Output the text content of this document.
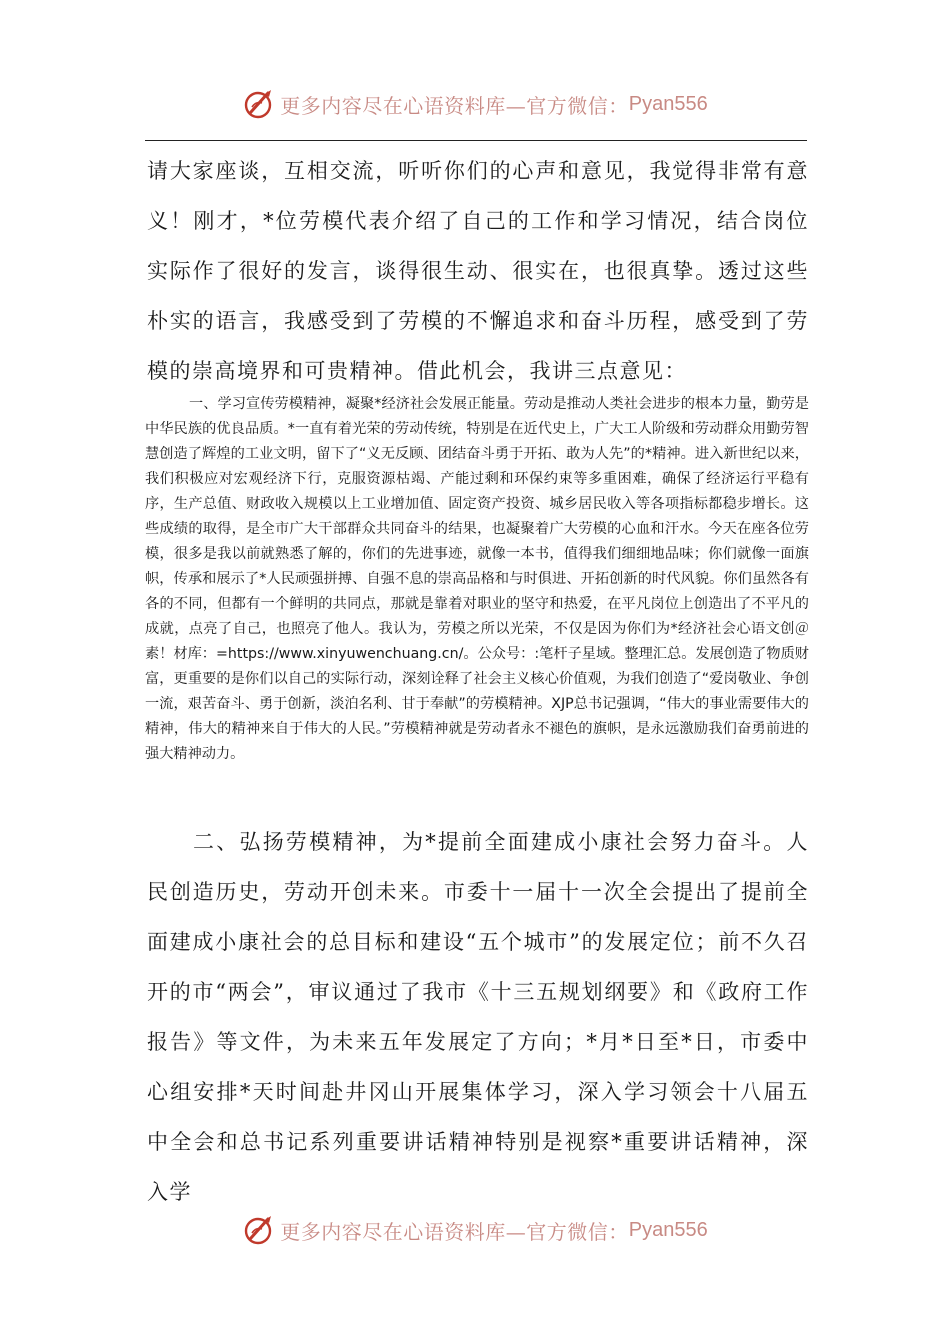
更多内容尽在心语资料库—官方微信： Pyan556

请大家座谈，互相交流，听听你们的心声和意见，我觉得非常有意义！刚才，*位劳模代表介绍了自己的工作和学习情况，结合岗位实际作了很好的发言，谈得很生动、很实在，也很真挚。透过这些朴实的语言，我感受到了劳模的不懈追求和奋斗历程，感受到了劳模的崇高境界和可贵精神。借此机会，我讲三点意见：

一、学习宣传劳模精神，凝聚*经济社会发展正能量。劳动是推动人类社会进步的根本力量，勤劳是中华民族的优良品质。*一直有着光荣的劳动传统，特别是在近代史上，广大工人阶级和劳动群众用勤劳智慧创造了辉煌的工业文明，留下了“义无反顾、团结奋斗勇于开拓、敢为人先”的*精神。进入新世纪以来，我们积极应对宏观经济下行，克服资源枯竭、产能过剩和环保约束等多重困难，确保了经济运行平稳有序，生产总值、财政收入规模以上工业增加值、固定资产投资、城乡居民收入等各项指标都稳步增长。这些成绩的取得，是全市广大干部群众共同奋斗的结果，也凝聚着广大劳模的心血和汗水。今天在座各位劳模，很多是我以前就熟悉了解的，你们的先进事迹，就像一本书，值得我们细细地品味；你们就像一面旗帜，传承和展示了*人民顽强拼搏、自强不息的崇高品格和与时俱进、开拓创新的时代风貌。你们虽然各有各的不同，但都有一个鲜明的共同点，那就是靠着对职业的坚守和热爱，在平凡岗位上创造出了不平凡的成就，点亮了自己，也照亮了他人。我认为，劳模之所以光荣，不仅是因为你们为*经济社会心语文创＠素！材库：=https://www.xinyuwenchuang.cn/。公众号：:笔杆子星域。整理汇总。发展创造了物质财富，更重要的是你们以自己的实际行动，深刻诠释了社会主义核心价值观，为我们创造了“爱岗敬业、争创一流，艰苦奋斗、勇于创新，淡泊名利、甘于奉献”的劳模精神。XJP总书记强调，“伟大的事业需要伟大的精神，伟大的精神来自于伟大的人民。”劳模精神就是劳动者永不褪色的旗帜，是永远激励我们奋勇前进的强大精神动力。

二、弘扬劳模精神，为*提前全面建成小康社会努力奋斗。人民创造历史，劳动开创未来。市委十一届十一次全会提出了提前全面建成小康社会的总目标和建设“五个城市”的发展定位；前不久召开的市“两会”，审议通过了我市《十三五规划纲要》和《政府工作报告》等文件，为未来五年发展定了方向；*月*日至*日，市委中心组安排*天时间赴井冈山开展集体学习，深入学习领会十八届五中全会和总书记系列重要讲话精神特别是视察*重要讲话精神，深入学

更多内容尽在心语资料库—官方微信： Pyan556
